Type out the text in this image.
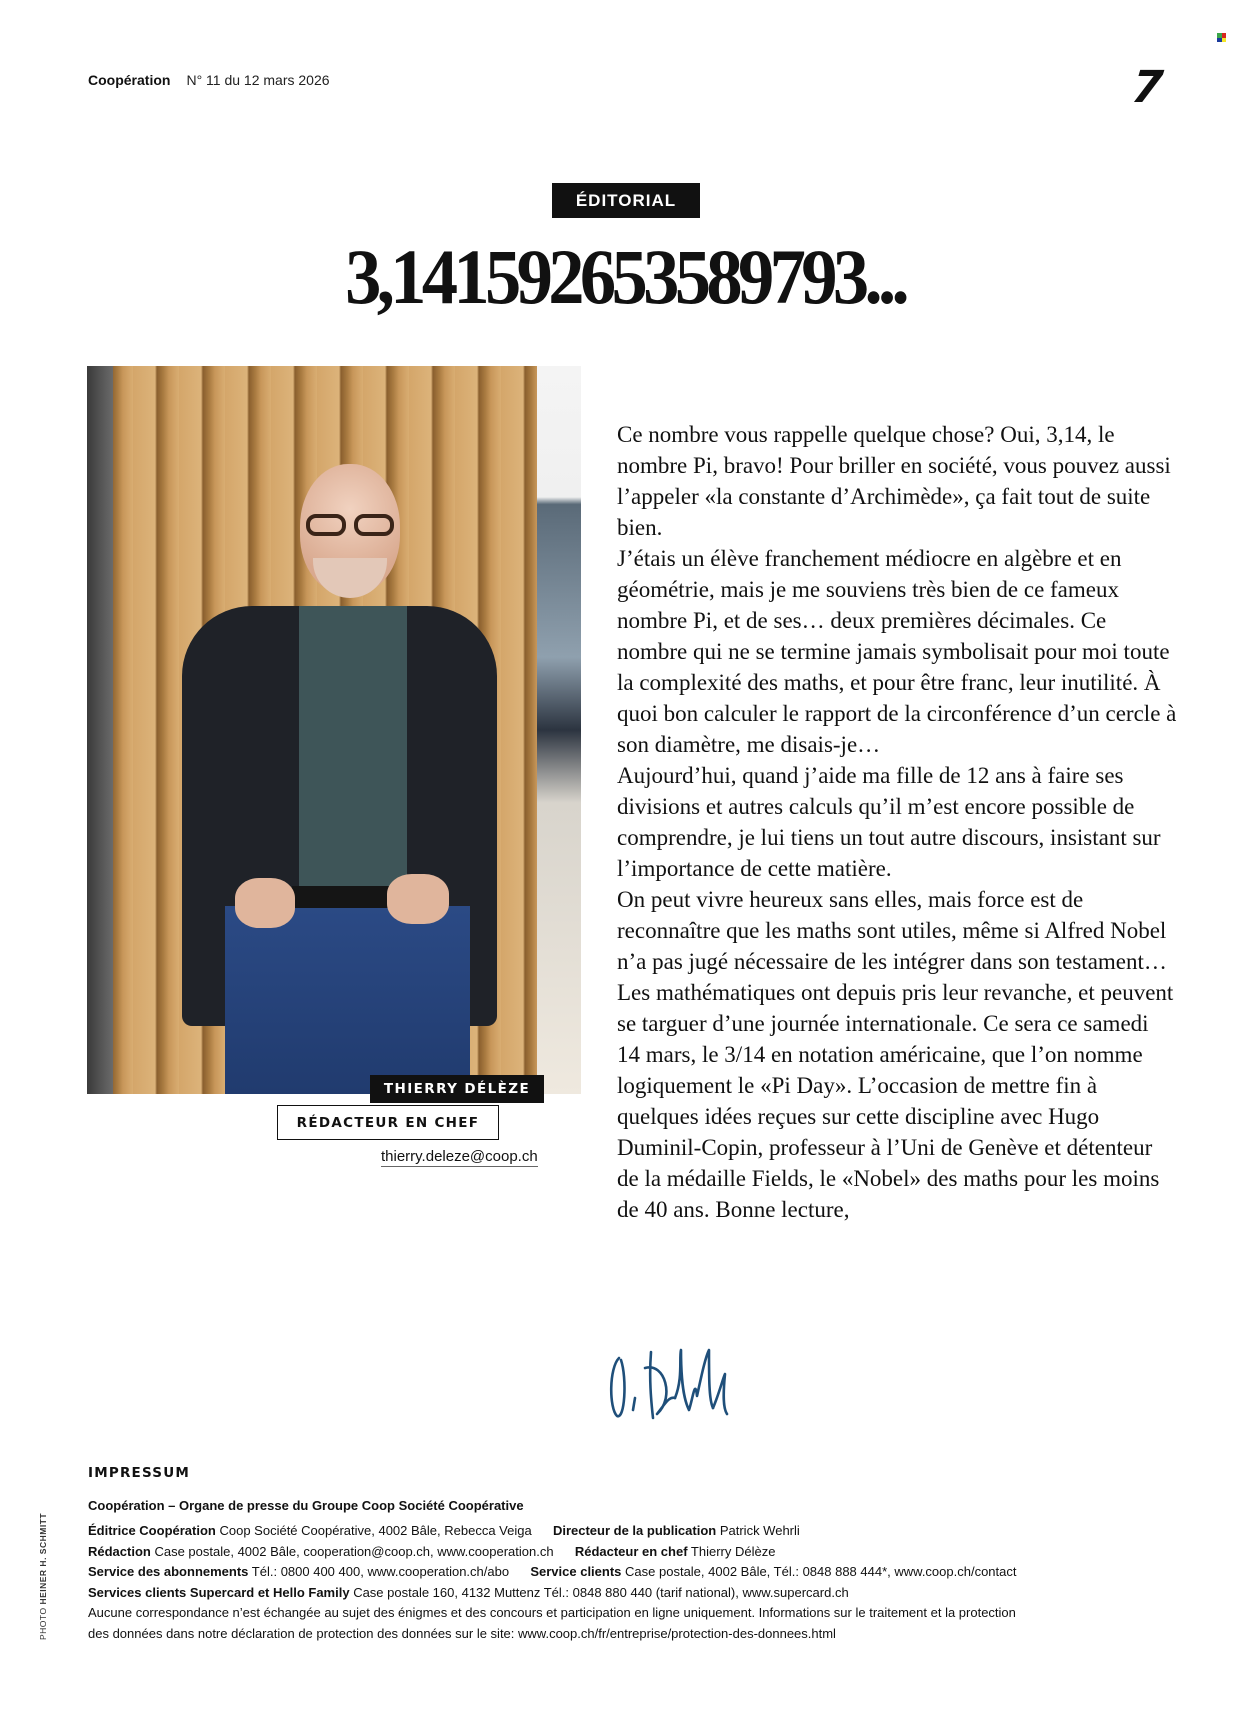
Coopération N° 11 du 12 mars 2026	7
ÉDITORIAL
3,14159265358979​3...
THIERRY DÉLÈZE
RÉDACTEUR EN CHEF
thierry.deleze@coop.ch

Ce nombre vous rappelle quelque chose? Oui, 3,14, le nombre Pi, bravo! Pour briller en société, vous pouvez aussi l’appeler «la constante d’Archimède», ça fait tout de suite bien.

J’étais un élève franchement médiocre en algèbre et en géométrie, mais je me souviens très bien de ce fameux nombre Pi, et de ses… deux premières décimales. Ce nombre qui ne se termine jamais symbolisait pour moi toute la complexité des maths, et pour être franc, leur inutilité. À quoi bon calculer le rapport de la circonférence d’un cercle à son diamètre, me disais-je…

Aujourd’hui, quand j’aide ma fille de 12 ans à faire ses divisions et autres calculs qu’il m’est encore possible de comprendre, je lui tiens un tout autre discours, insistant sur l’importance de cette matière.

On peut vivre heureux sans elles, mais force est de reconnaître que les maths sont utiles, même si Alfred Nobel n’a pas jugé nécessaire de les intégrer dans son testament…

Les mathématiques ont depuis pris leur revanche, et peuvent se targuer d’une journée internationale. Ce sera ce samedi 14 mars, le 3/14 en notation américaine, que l’on nomme logiquement le «Pi Day». L’occasion de mettre fin à quelques idées reçues sur cette discipline avec Hugo Duminil-Copin, professeur à l’Uni de Genève et détenteur de la médaille Fields, le «Nobel» des maths pour les moins de 40 ans. Bonne lecture,

PHOTO HEINER H. SCHMITT
IMPRESSUM
Coopération – Organe de presse du Groupe Coop Société Coopérative
Éditrice Coopération Coop Société Coopérative, 4002 Bâle, Rebecca Veiga Directeur de la publication Patrick Wehrli
Rédaction Case postale, 4002 Bâle, cooperation@coop.ch, www.cooperation.ch Rédacteur en chef Thierry Délèze
Service des abonnements Tél.: 0800 400 400, www.cooperation.ch/abo Service clients Case postale, 4002 Bâle, Tél.: 0848 888 444*, www.coop.ch/contact
Services clients Supercard et Hello Family Case postale 160, 4132 Muttenz Tél.: 0848 880 440 (tarif national), www.supercard.ch
Aucune correspondance n’est échangée au sujet des énigmes et des concours et participation en ligne uniquement. Informations sur le traitement et la protection
des données dans notre déclaration de protection des données sur le site: www.coop.ch/fr/entreprise/protection-des-donnees.html
